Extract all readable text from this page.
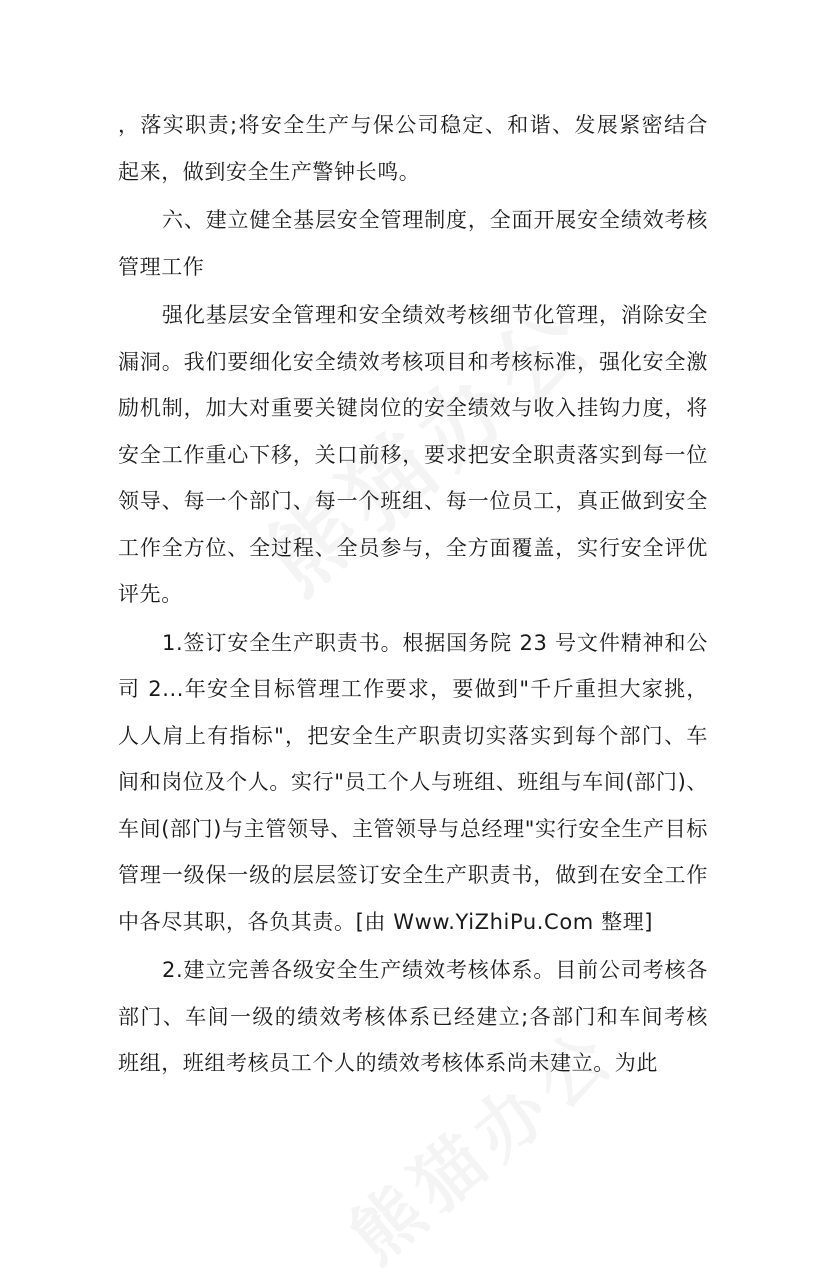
，落实职责;将安全生产与保公司稳定、和谐、发展紧密结合起来，做到安全生产警钟长鸣。

六、建立健全基层安全管理制度，全面开展安全绩效考核管理工作

强化基层安全管理和安全绩效考核细节化管理，消除安全漏洞。我们要细化安全绩效考核项目和考核标准，强化安全激励机制，加大对重要关键岗位的安全绩效与收入挂钩力度，将安全工作重心下移，关口前移，要求把安全职责落实到每一位领导、每一个部门、每一个班组、每一位员工，真正做到安全工作全方位、全过程、全员参与，全方面覆盖，实行安全评优评先。

1.签订安全生产职责书。根据国务院 23 号文件精神和公司 2...年安全目标管理工作要求，要做到"千斤重担大家挑，人人肩上有指标"，把安全生产职责切实落实到每个部门、车间和岗位及个人。实行"员工个人与班组、班组与车间(部门)、车间(部门)与主管领导、主管领导与总经理"实行安全生产目标管理一级保一级的层层签订安全生产职责书，做到在安全工作中各尽其职，各负其责。[由 Www.YiZhiPu.Com 整理]

2.建立完善各级安全生产绩效考核体系。目前公司考核各部门、车间一级的绩效考核体系已经建立;各部门和车间考核班组，班组考核员工个人的绩效考核体系尚未建立。为此
